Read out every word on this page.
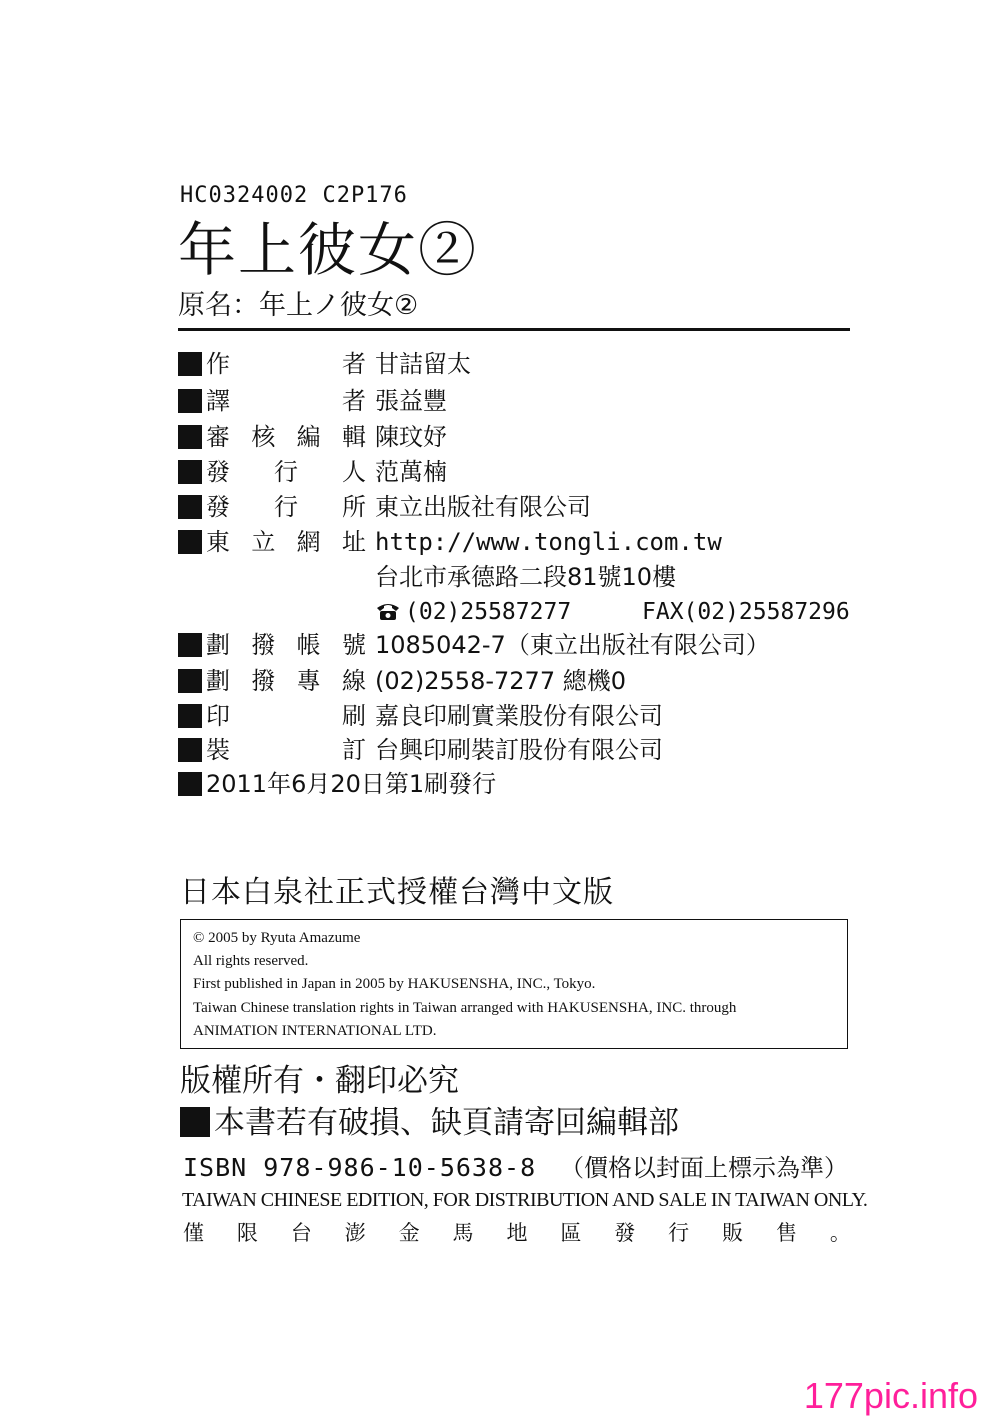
HC0324002 C2P176
年上彼女②
原名：年上ノ彼女②
作　者 甘詰留太
譯　者 張益豐
審核編輯 陳玟妤
發行人 范萬楠
發行所 東立出版社有限公司
東立網址 http://www.tongli.com.tw
台北市承德路二段81號10樓
(02)25587277	FAX(02)25587296
劃撥帳號 1085042-7（東立出版社有限公司）
劃撥專線 (02)2558-7277 總機0
印　刷 嘉良印刷實業股份有限公司
裝　訂 台興印刷裝訂股份有限公司
2011年6月20日第1刷發行
日本白泉社正式授權台灣中文版
© 2005 by Ryuta Amazume
All rights reserved.
First published in Japan in 2005 by HAKUSENSHA, INC., Tokyo.
Taiwan Chinese translation rights in Taiwan arranged with HAKUSENSHA, INC. through
ANIMATION INTERNATIONAL LTD.
版權所有・翻印必究
本書若有破損、缺頁請寄回編輯部
ISBN 978-986-10-5638-8 （價格以封面上標示為準）
TAIWAN CHINESE EDITION, FOR DISTRIBUTION AND SALE IN TAIWAN ONLY.
僅 限 台 澎 金 馬 地 區 發 行 販 售 。
177pic.info
